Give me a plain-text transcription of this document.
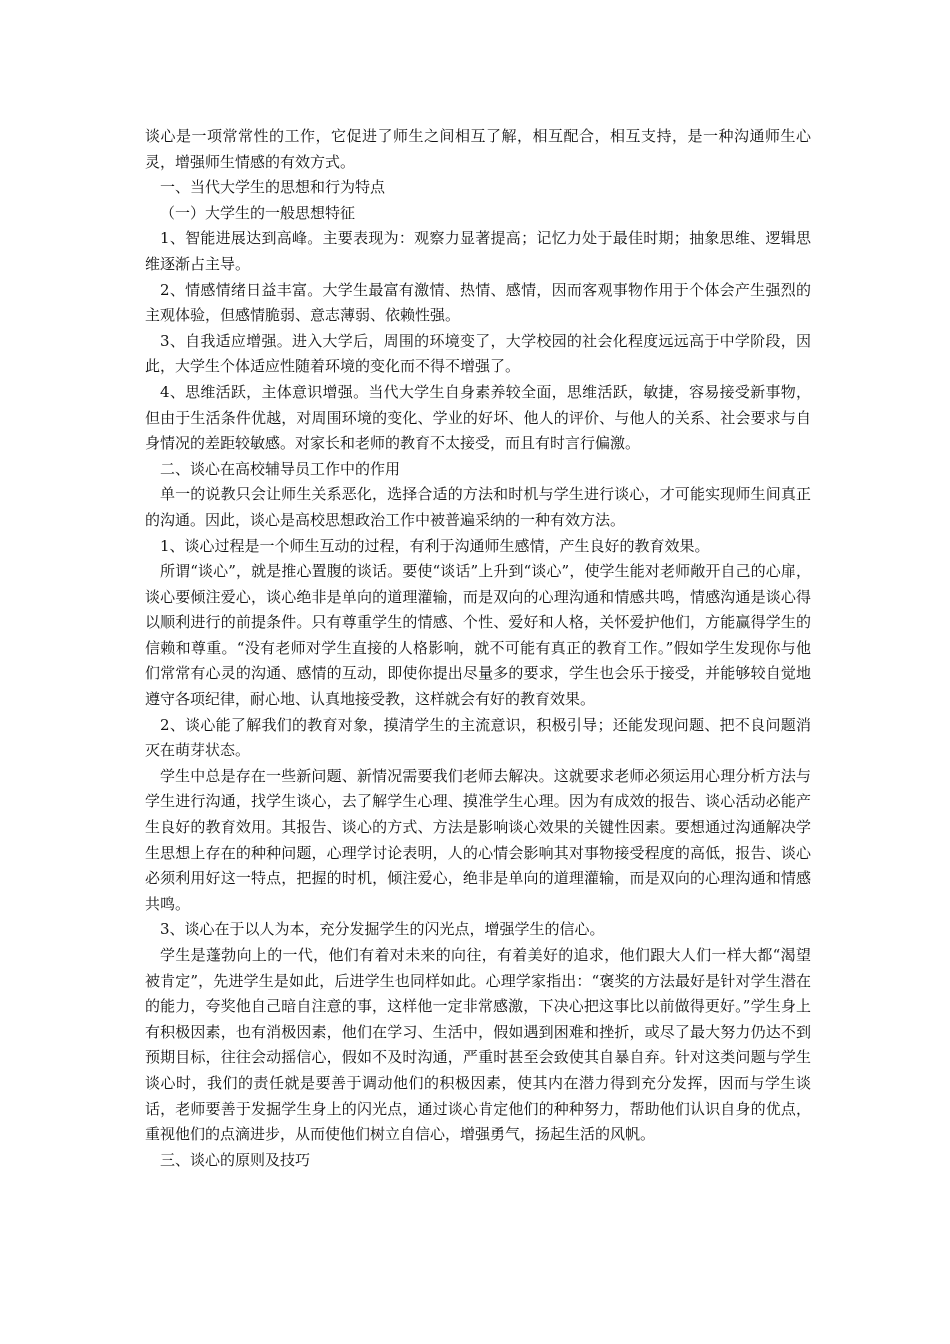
谈心是一项常常性的工作，它促进了师生之间相互了解，相互配合，相互支持，是一种沟通师生心灵，增强师生情感的有效方式。

一、当代大学生的思想和行为特点

（一）大学生的一般思想特征

1、智能进展达到高峰。主要表现为：观察力显著提高；记忆力处于最佳时期；抽象思维、逻辑思维逐渐占主导。

2、情感情绪日益丰富。大学生最富有激情、热情、感情，因而客观事物作用于个体会产生强烈的主观体验，但感情脆弱、意志薄弱、依赖性强。

3、自我适应增强。进入大学后，周围的环境变了，大学校园的社会化程度远远高于中学阶段，因此，大学生个体适应性随着环境的变化而不得不增强了。

4、思维活跃，主体意识增强。当代大学生自身素养较全面，思维活跃，敏捷，容易接受新事物，但由于生活条件优越，对周围环境的变化、学业的好坏、他人的评价、与他人的关系、社会要求与自身情况的差距较敏感。对家长和老师的教育不太接受，而且有时言行偏激。

二、谈心在高校辅导员工作中的作用

单一的说教只会让师生关系恶化，选择合适的方法和时机与学生进行谈心，才可能实现师生间真正的沟通。因此，谈心是高校思想政治工作中被普遍采纳的一种有效方法。

1、谈心过程是一个师生互动的过程，有利于沟通师生感情，产生良好的教育效果。

所谓“谈心”，就是推心置腹的谈话。要使“谈话”上升到“谈心”，使学生能对老师敞开自己的心扉，谈心要倾注爱心，谈心绝非是单向的道理灌输，而是双向的心理沟通和情感共鸣，情感沟通是谈心得以顺利进行的前提条件。只有尊重学生的情感、个性、爱好和人格，关怀爱护他们，方能赢得学生的信赖和尊重。“没有老师对学生直接的人格影响，就不可能有真正的教育工作。”假如学生发现你与他们常常有心灵的沟通、感情的互动，即使你提出尽量多的要求，学生也会乐于接受，并能够较自觉地遵守各项纪律，耐心地、认真地接受教，这样就会有好的教育效果。

2、谈心能了解我们的教育对象，摸清学生的主流意识，积极引导；还能发现问题、把不良问题消灭在萌芽状态。

学生中总是存在一些新问题、新情况需要我们老师去解决。这就要求老师必须运用心理分析方法与学生进行沟通，找学生谈心，去了解学生心理、摸准学生心理。因为有成效的报告、谈心活动必能产生良好的教育效用。其报告、谈心的方式、方法是影响谈心效果的关键性因素。要想通过沟通解决学生思想上存在的种种问题，心理学讨论表明，人的心情会影响其对事物接受程度的高低，报告、谈心必须利用好这一特点，把握的时机，倾注爱心，绝非是单向的道理灌输，而是双向的心理沟通和情感共鸣。

3、谈心在于以人为本，充分发掘学生的闪光点，增强学生的信心。

学生是蓬勃向上的一代，他们有着对未来的向往，有着美好的追求，他们跟大人们一样大都“渴望被肯定”，先进学生是如此，后进学生也同样如此。心理学家指出：“褒奖的方法最好是针对学生潜在的能力，夸奖他自己暗自注意的事，这样他一定非常感激，下决心把这事比以前做得更好。”学生身上有积极因素，也有消极因素，他们在学习、生活中，假如遇到困难和挫折，或尽了最大努力仍达不到预期目标，往往会动摇信心，假如不及时沟通，严重时甚至会致使其自暴自弃。针对这类问题与学生谈心时，我们的责任就是要善于调动他们的积极因素，使其内在潜力得到充分发挥，因而与学生谈话，老师要善于发掘学生身上的闪光点，通过谈心肯定他们的种种努力，帮助他们认识自身的优点，重视他们的点滴进步，从而使他们树立自信心，增强勇气，扬起生活的风帆。

三、谈心的原则及技巧
